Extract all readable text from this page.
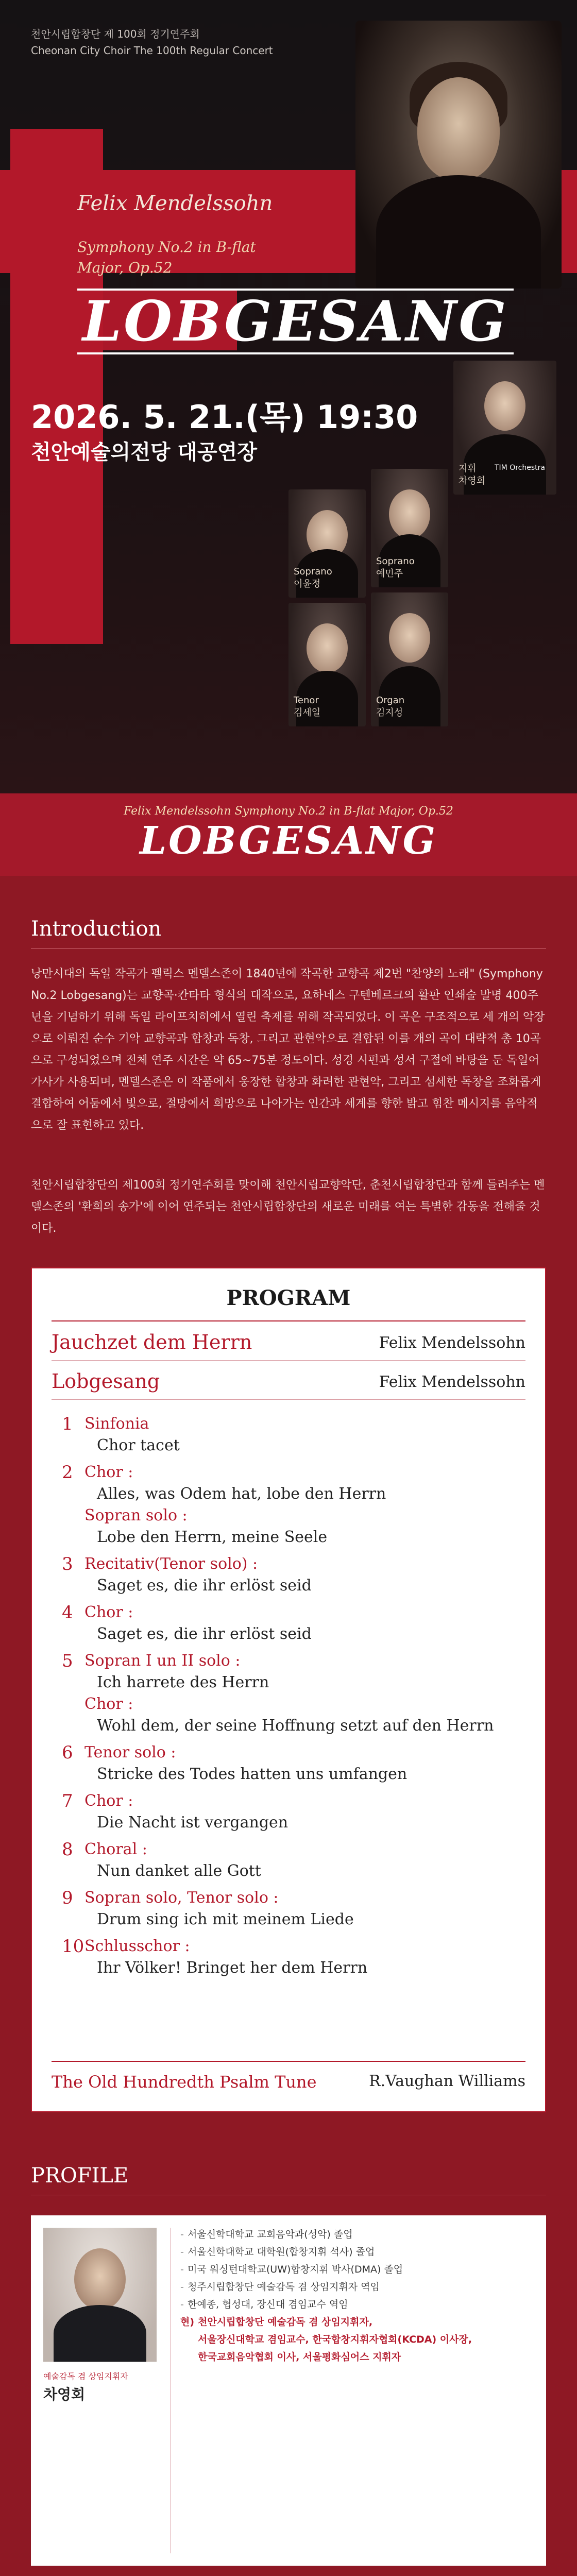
천안시립합창단 제 100회 정기연주회
Cheonan City Choir The 100th Regular Concert
Felix Mendelssohn
Symphony No.2 in B-flat Major, Op.52
LOBGESANG
2026. 5. 21.(목) 19:30
천안예술의전당 대공연장
Soprano
이윤정
Soprano
예민주
Tenor
김세일
Organ
김지성
지휘
차영회
TIM Orchestra
Felix Mendelssohn Symphony No.2 in B-flat Major, Op.52
LOBGESANG
Introduction

낭만시대의 독일 작곡가 펠릭스 멘델스존이 1840년에 작곡한 교향곡 제2번 "찬양의 노래" (Symphony No.2 Lobgesang)는 교향곡·칸타타 형식의 대작으로, 요하네스 구텐베르크의 활판 인쇄술 발명 400주년을 기념하기 위해 독일 라이프치히에서 열린 축제를 위해 작곡되었다. 이 곡은 구조적으로 세 개의 악장으로 이뤄진 순수 기악 교향곡과 합창과 독창, 그리고 관현악으로 결합된 이를 개의 곡이 대략적 총 10곡으로 구성되었으며 전체 연주 시간은 약 65~75분 정도이다. 성경 시편과 성서 구절에 바탕을 둔 독일어 가사가 사용되며, 멘델스존은 이 작품에서 웅장한 합창과 화려한 관현악, 그리고 섬세한 독창을 조화롭게 결합하여 어둠에서 빛으로, 절망에서 희망으로 나아가는 인간과 세계를 향한 밝고 힘찬 메시지를 음악적으로 잘 표현하고 있다.

천안시립합창단의 제100회 정기연주회를 맞이해 천안시립교향악단, 춘천시립합창단과 함께 들려주는 멘델스존의 '환희의 송가'에 이어 연주되는 천안시립합창단의 새로운 미래를 여는 특별한 감동을 전해줄 것이다.

PROGRAM
Jauchzet dem Herrn	Felix Mendelssohn
Lobgesang	Felix Mendelssohn
1 Sinfonia
Chor tacet
2 Chor :
Alles, was Odem hat, lobe den Herrn
Sopran solo :
Lobe den Herrn, meine Seele
3 Recitativ(Tenor solo) :
Saget es, die ihr erlöst seid
4 Chor :
Saget es, die ihr erlöst seid
5 Sopran I un II solo :
Ich harrete des Herrn
Chor :
Wohl dem, der seine Hoffnung setzt auf den Herrn
6 Tenor solo :
Stricke des Todes hatten uns umfangen
7 Chor :
Die Nacht ist vergangen
8 Choral :
Nun danket alle Gott
9 Sopran solo, Tenor solo :
Drum sing ich mit meinem Liede
10 Schlusschor :
Ihr Völker! Bringet her dem Herrn
The Old Hundredth Psalm Tune	R.Vaughan Williams
PROFILE
예술감독 겸 상임지휘자
차영회
- 서울신학대학교 교회음악과(성악) 졸업
- 서울신학대학교 대학원(합창지휘 석사) 졸업
- 미국 워싱턴대학교(UW)합창지휘 박사(DMA) 졸업
- 청주시립합창단 예술감독 겸 상임지휘자 역임
- 한예종, 협성대, 장신대 겸임교수 역임
현) 천안시립합창단 예술감독 겸 상임지휘자,
서울장신대학교 겸임교수, 한국합창지휘자협회(KCDA) 이사장,
한국교회음악협회 이사, 서울평화심어스 지휘자
